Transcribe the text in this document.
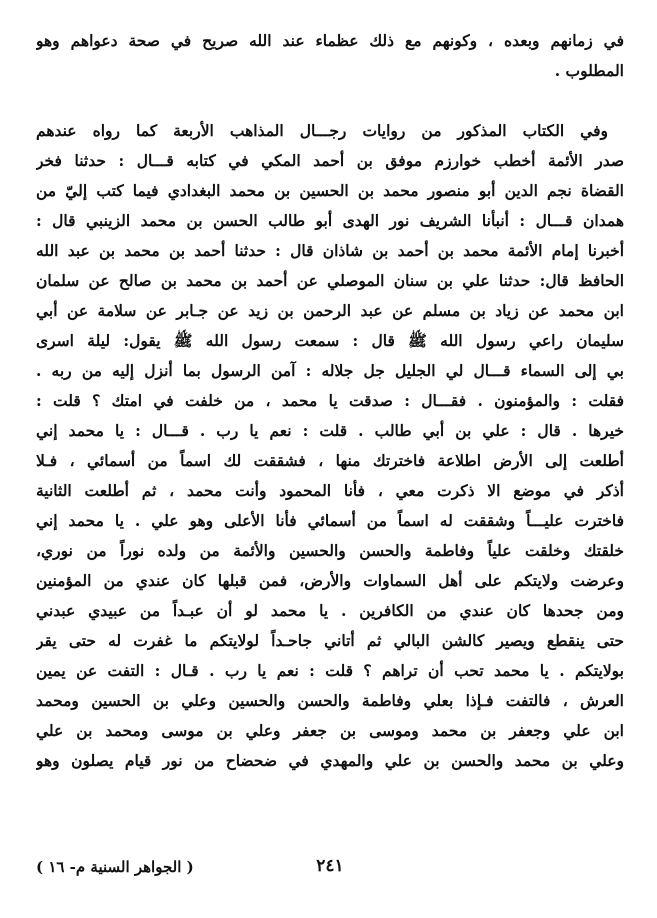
في زمانهم وبعده ، وكونهم مع ذلك عظماء عند الله صريح في صحة دعواهم وهو
المطلوب .
وفي الكتاب المذكور من روايات رجـــال المذاهب الأربعة كما رواه عندهم
صدر الأئمة أخطب خوارزم موفق بن أحمد المكي في كتابه قـــال : حدثنا فخر
القضاة نجم الدين أبو منصور محمد بن الحسين بن محمد البغدادي فيما كتب إليّ من
همدان قـــال : أنبأنا الشريف نور الهدى أبو طالب الحسن بن محمد الزينبي قال :
أخبرنا إمام الأئمة محمد بن أحمد بن شاذان قال : حدثنا أحمد بن محمد بن عبد الله
الحافظ قال: حدثنا علي بن سنان الموصلي عن أحمد بن محمد بن صالح عن سلمان
ابن محمد عن زياد بن مسلم عن عبد الرحمن بن زيد عن جـابر عن سلامة عن أبي
سليمان راعي رسول الله ﷺ قال : سمعت رسول الله ﷺ يقول: ليلة اسرى
بي إلى السماء قـــال لي الجليل جل جلاله : آمن الرسول بما أنزل إليه من ربه .
فقلت : والمؤمنون . فقـــال : صدقت يا محمد ، من خلفت في امتك ؟ قلت :
خيرها . قال : علي بن أبي طالب . قلت : نعم يا رب . قـــال : يا محمد إني
أطلعت إلى الأرض اطلاعة فاخترتك منها ، فشققت لك اسماً من أسمائي ، فـلا
أذكر في موضع الا ذكرت معي ، فأنا المحمود وأنت محمد ، ثم أطلعت الثانية
فاخترت عليـــاً وشققت له اسماً من أسمائي فأنا الأعلى وهو علي . يا محمد إني
خلقتك وخلقت علياً وفاطمة والحسن والحسين والأئمة من ولده نوراً من نوري،
وعرضت ولايتكم على أهل السماوات والأرض، فمن قبلها كان عندي من المؤمنين
ومن جحدها كان عندي من الكافرين . يا محمد لو أن عبـداً من عبيدي عبدني
حتى ينقطع ويصير كالشن البالي ثم أتاني جاحـداً لولايتكم ما غفرت له حتى يقر
بولايتكم . يا محمد تحب أن تراهم ؟ قلت : نعم يا رب . قـال : التفت عن يمين
العرش ، فالتفت فـإذا بعلي وفاطمة والحسن والحسين وعلي بن الحسين ومحمد
ابن علي وجعفر بن محمد وموسى بن جعفر وعلي بن موسى ومحمد بن علي
وعلي بن محمد والحسن بن علي والمهدي في ضحضاح من نور قيام يصلون وهو
٢٤١
( الجواهر السنية م- ١٦ )
